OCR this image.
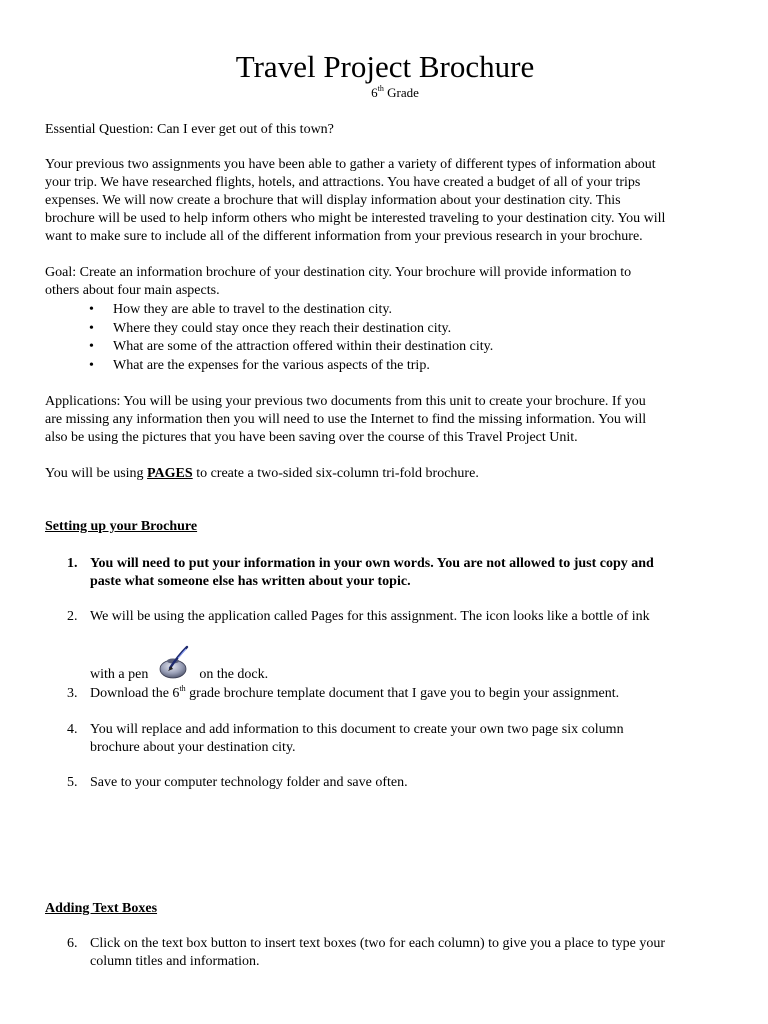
Travel Project Brochure
6th Grade

Essential Question: Can I ever get out of this town?

Your previous two assignments you have been able to gather a variety of different types of information about
your trip. We have researched flights, hotels, and attractions. You have created a budget of all of your trips
expenses. We will now create a brochure that will display information about your destination city. This
brochure will be used to help inform others who might be interested traveling to your destination city. You will
want to make sure to include all of the different information from your previous research in your brochure.
Goal: Create an information brochure of your destination city. Your brochure will provide information to
others about four main aspects.
• How they are able to travel to the destination city.
• Where they could stay once they reach their destination city.
• What are some of the attraction offered within their destination city.
• What are the expenses for the various aspects of the trip.
Applications: You will be using your previous two documents from this unit to create your brochure. If you
are missing any information then you will need to use the Internet to find the missing information. You will
also be using the pictures that you have been saving over the course of this Travel Project Unit.

You will be using PAGES to create a two-sided six-column tri-fold brochure.

Setting up your Brochure

1. You will need to put your information in your own words. You are not allowed to just copy and
paste what someone else has written about your topic.
2. We will be using the application called Pages for this assignment. The icon looks like a bottle of ink
with a pen	on the dock.
3. Download the 6th grade brochure template document that I gave you to begin your assignment.
4. You will replace and add information to this document to create your own two page six column
brochure about your destination city.
5. Save to your computer technology folder and save often.

Adding Text Boxes

6. Click on the text box button to insert text boxes (two for each column) to give you a place to type your
column titles and information.
